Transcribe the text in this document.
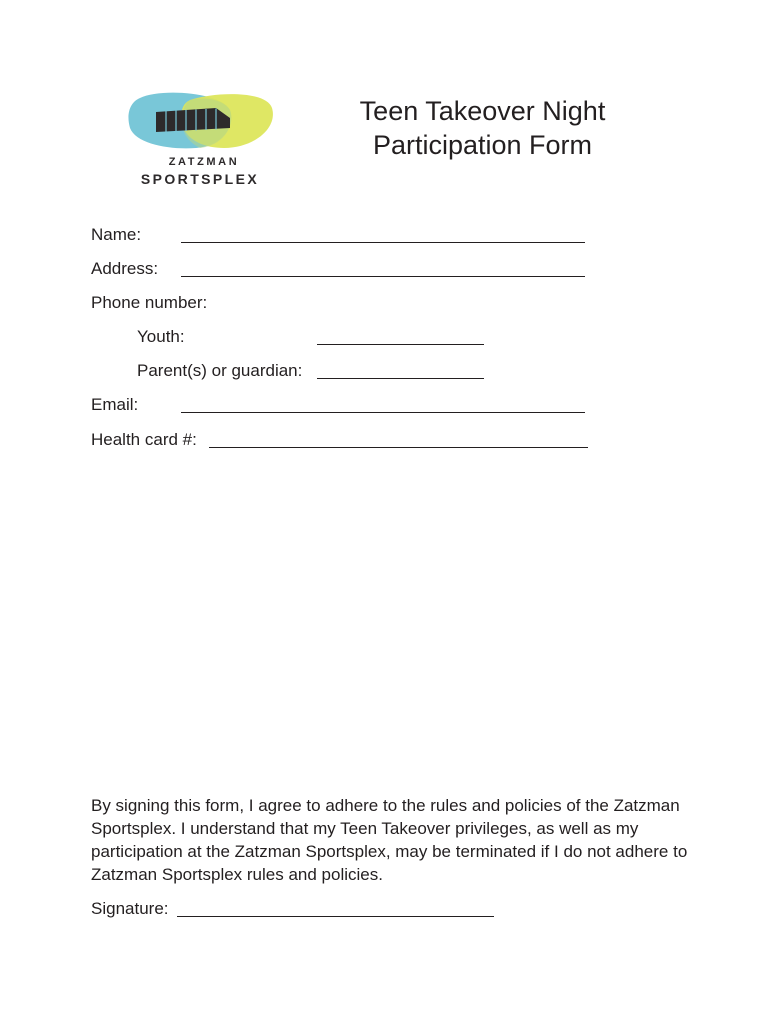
ZATZMAN
SPORTSPLEX
Teen Takeover Night
Participation Form
Name:
Address:
Phone number:
Youth:
Parent(s) or guardian:
Email:
Health card #:

By signing this form, I agree to adhere to the rules and policies of the Zatzman Sportsplex. I understand that my Teen Takeover privileges, as well as my participation at the Zatzman Sportsplex, may be terminated if I do not adhere to Zatzman Sportsplex rules and policies.

Signature:
